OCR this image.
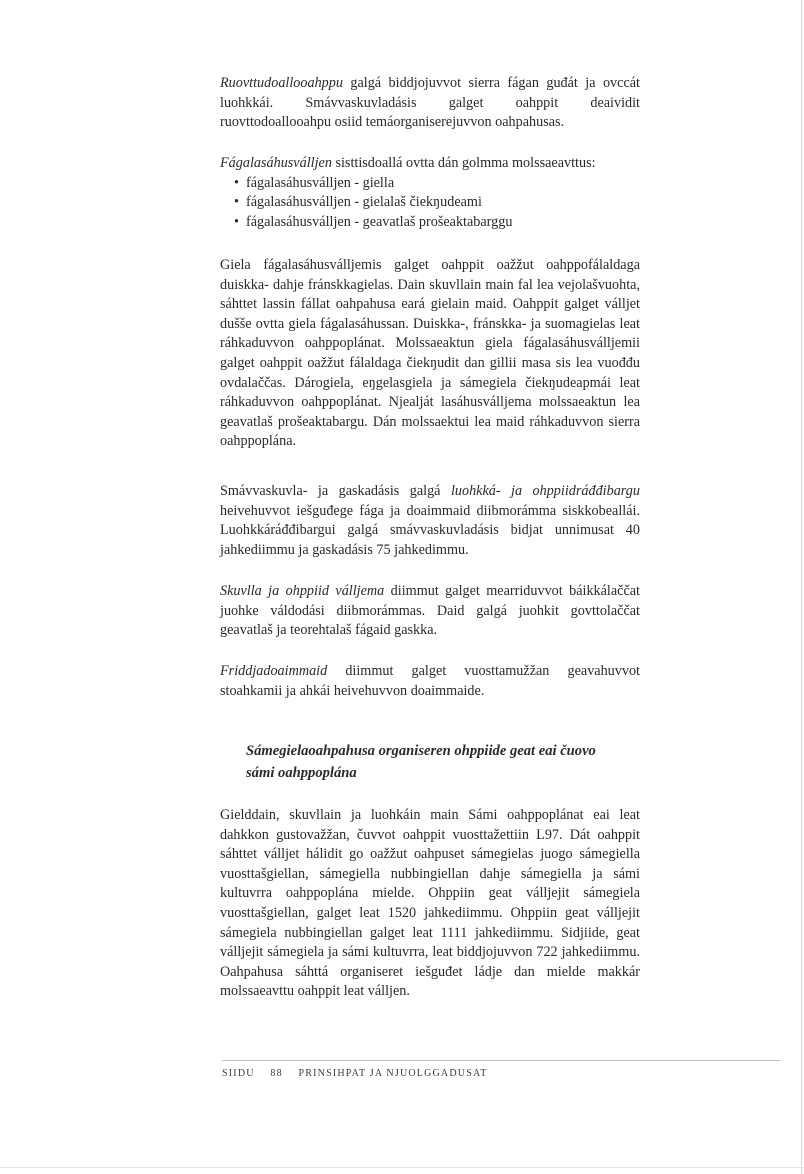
Ruovttudoallooahppu galgá biddjojuvvot sierra fágan guđát ja ovccát luohkkái. Smávvaskuvladásis galget oahppit deaividit ruovttodoallooahpu osiid temáorganiserejuvvon oahpahusas.

Fágalasáhusválljen sisttisdoallá ovtta dán golmma molssaeavttus:

• fágalasáhusválljen - giella
• fágalasáhusválljen - gielalaš čiekŋudeami
• fágalasáhusválljen - geavatlaš prošeaktabarggu

Giela fágalasáhusválljemis galget oahppit oažžut oahppofálaldaga duiskka- dahje fránskkagielas. Dain skuvllain main fal lea vejolašvuohta, sáhttet lassin fállat oahpahusa eará gielain maid. Oahppit galget válljet dušše ovtta giela fágalasáhussan. Duiskka-, fránskka- ja suomagielas leat ráhkaduvvon oahppoplánat. Molssaeaktun giela fágalasáhusválljemii galget oahppit oažžut fálaldaga čiekŋudit dan gillii masa sis lea vuođđu ovdalaččas. Dárogiela, eŋgelasgiela ja sámegiela čiekŋudeapmái leat ráhkaduvvon oahppoplánat. Njealját lasáhusválljema molssaeaktun lea geavatlaš prošeaktabargu. Dán molssaektui lea maid ráhkaduvvon sierra oahppoplána.

Smávvaskuvla- ja gaskadásis galgá luohkká- ja ohppiidráđđibargu heivehuvvot iešguđege fága ja doaimmaid diibmorámma siskkobeallái. Luohkkáráđđibargui galgá smávvaskuvladásis bidjat unnimusat 40 jahkediimmu ja gaskadásis 75 jahkedimmu.

Skuvlla ja ohppiid válljema diimmut galget mearriduvvot báikkálaččat juohke váldodási diibmorámmas. Daid galgá juohkit govttolaččat geavatlaš ja teorehtalaš fágaid gaskka.

Friddjadoaimmaid diimmut galget vuosttamužžan geavahuvvot stoahkamii ja ahkái heivehuvvon doaimmaide.

Sámegielaoahpahusa organiseren ohppiide geat eai čuovo
sámi oahppoplána

Gielddain, skuvllain ja luohkáin main Sámi oahppoplánat eai leat dahkkon gustovažžan, čuvvot oahppit vuosttažettiin L97. Dát oahppit sáhttet válljet hálidit go oažžut oahpuset sámegielas juogo sámegiella vuosttašgiellan, sámegiella nubbingiellan dahje sámegiella ja sámi kultuvrra oahppoplána mielde. Ohppiin geat válljejit sámegiela vuosttašgiellan, galget leat 1520 jahkediimmu. Ohppiin geat válljejit sámegiela nubbingiellan galget leat 1111 jahkediimmu. Sidjiide, geat válljejit sámegiela ja sámi kultuvrra, leat biddjojuvvon 722 jahkediimmu. Oahpahusa sáhttá organiseret iešguđet ládje dan mielde makkár molssaeavttu oahppit leat válljen.

SIIDU 88 PRINSIHPAT JA NJUOLGGADUSAT
